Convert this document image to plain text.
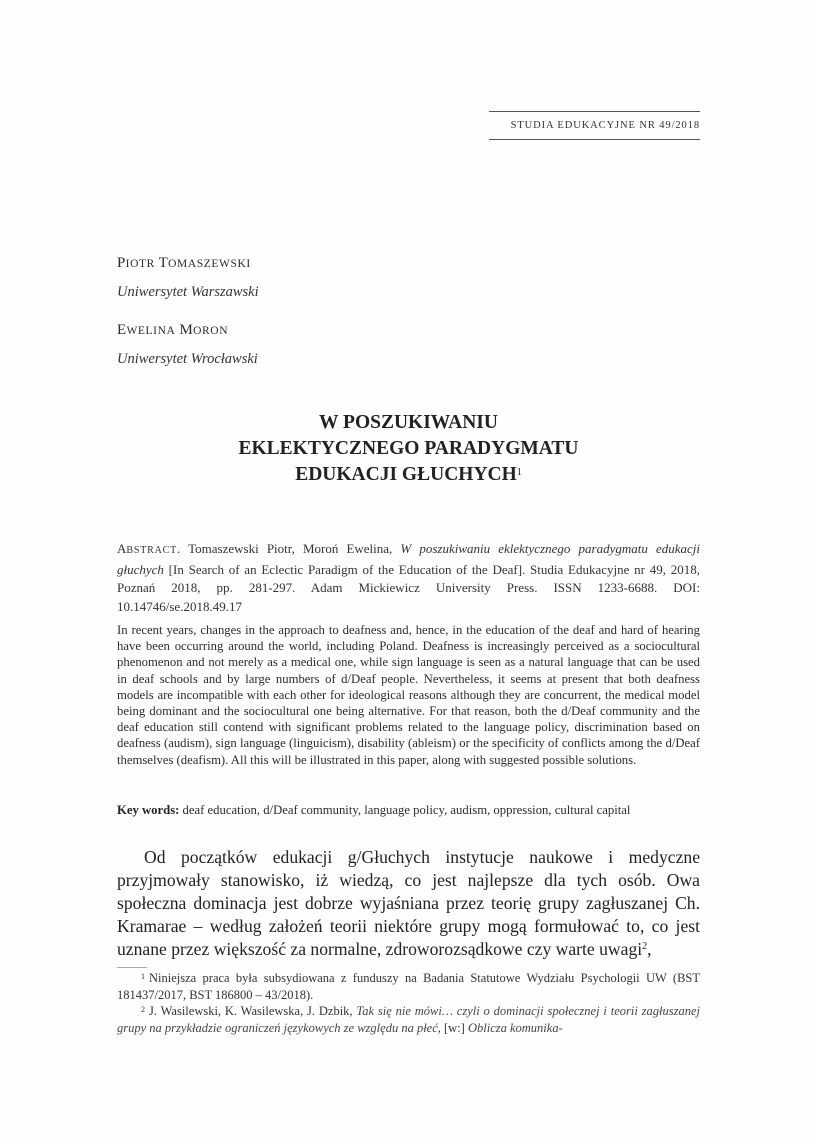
STUDIA EDUKACYJNE NR 49/2018
PIOTR TOMASZEWSKI
Uniwersytet Warszawski
EWELINA MORON
Uniwersytet Wrocławski
W POSZUKIWANIU
EKLEKTYCZNEGO PARADYGMATU
EDUKACJI GŁUCHYCH$^1$
ABSTRACT. Tomaszewski Piotr, Moroń Ewelina, W poszukiwaniu eklektycznego paradygmatu edukacji głuchych [In Search of an Eclectic Paradigm of the Education of the Deaf]. Studia Edukacyjne nr 49, 2018, Poznań 2018, pp. 281-297. Adam Mickiewicz University Press. ISSN 1233-6688. DOI: 10.14746/se.2018.49.17
In recent years, changes in the approach to deafness and, hence, in the education of the deaf and hard of hearing have been occurring around the world, including Poland. Deafness is increasingly perceived as a sociocultural phenomenon and not merely as a medical one, while sign language is seen as a natural language that can be used in deaf schools and by large numbers of d/Deaf people. Nevertheless, it seems at present that both deafness models are incompatible with each other for ideological reasons although they are concurrent, the medical model being dominant and the sociocultural one being alternative. For that reason, both the d/Deaf community and the deaf education still contend with significant problems related to the language policy, discrimination based on deafness (audism), sign language (linguicism), disability (ableism) or the specificity of conflicts among the d/Deaf themselves (deafism). All this will be illustrated in this paper, along with suggested possible solutions.
Key words: deaf education, d/Deaf community, language policy, audism, oppression, cultural capital

Od początków edukacji g/Głuchych instytucje naukowe i medyczne przyjmowały stanowisko, iż wiedzą, co jest najlepsze dla tych osób. Owa społeczna dominacja jest dobrze wyjaśniana przez teorię grupy zagłuszanej Ch. Kramarae – według założeń teorii niektóre grupy mogą formułować to, co jest uznane przez większość za normalne, zdroworozsądkowe czy warte uwagi$^2$,

$^1$ Niniejsza praca była subsydiowana z funduszy na Badania Statutowe Wydziału Psychologii UW (BST 181437/2017, BST 186800 – 43/2018).

$^2$ J. Wasilewski, K. Wasilewska, J. Dzbik, Tak się nie mówi… czyli o dominacji społecznej i teorii zagłuszanej grupy na przykładzie ograniczeń językowych ze względu na płeć, [w:] Oblicza komunika-
